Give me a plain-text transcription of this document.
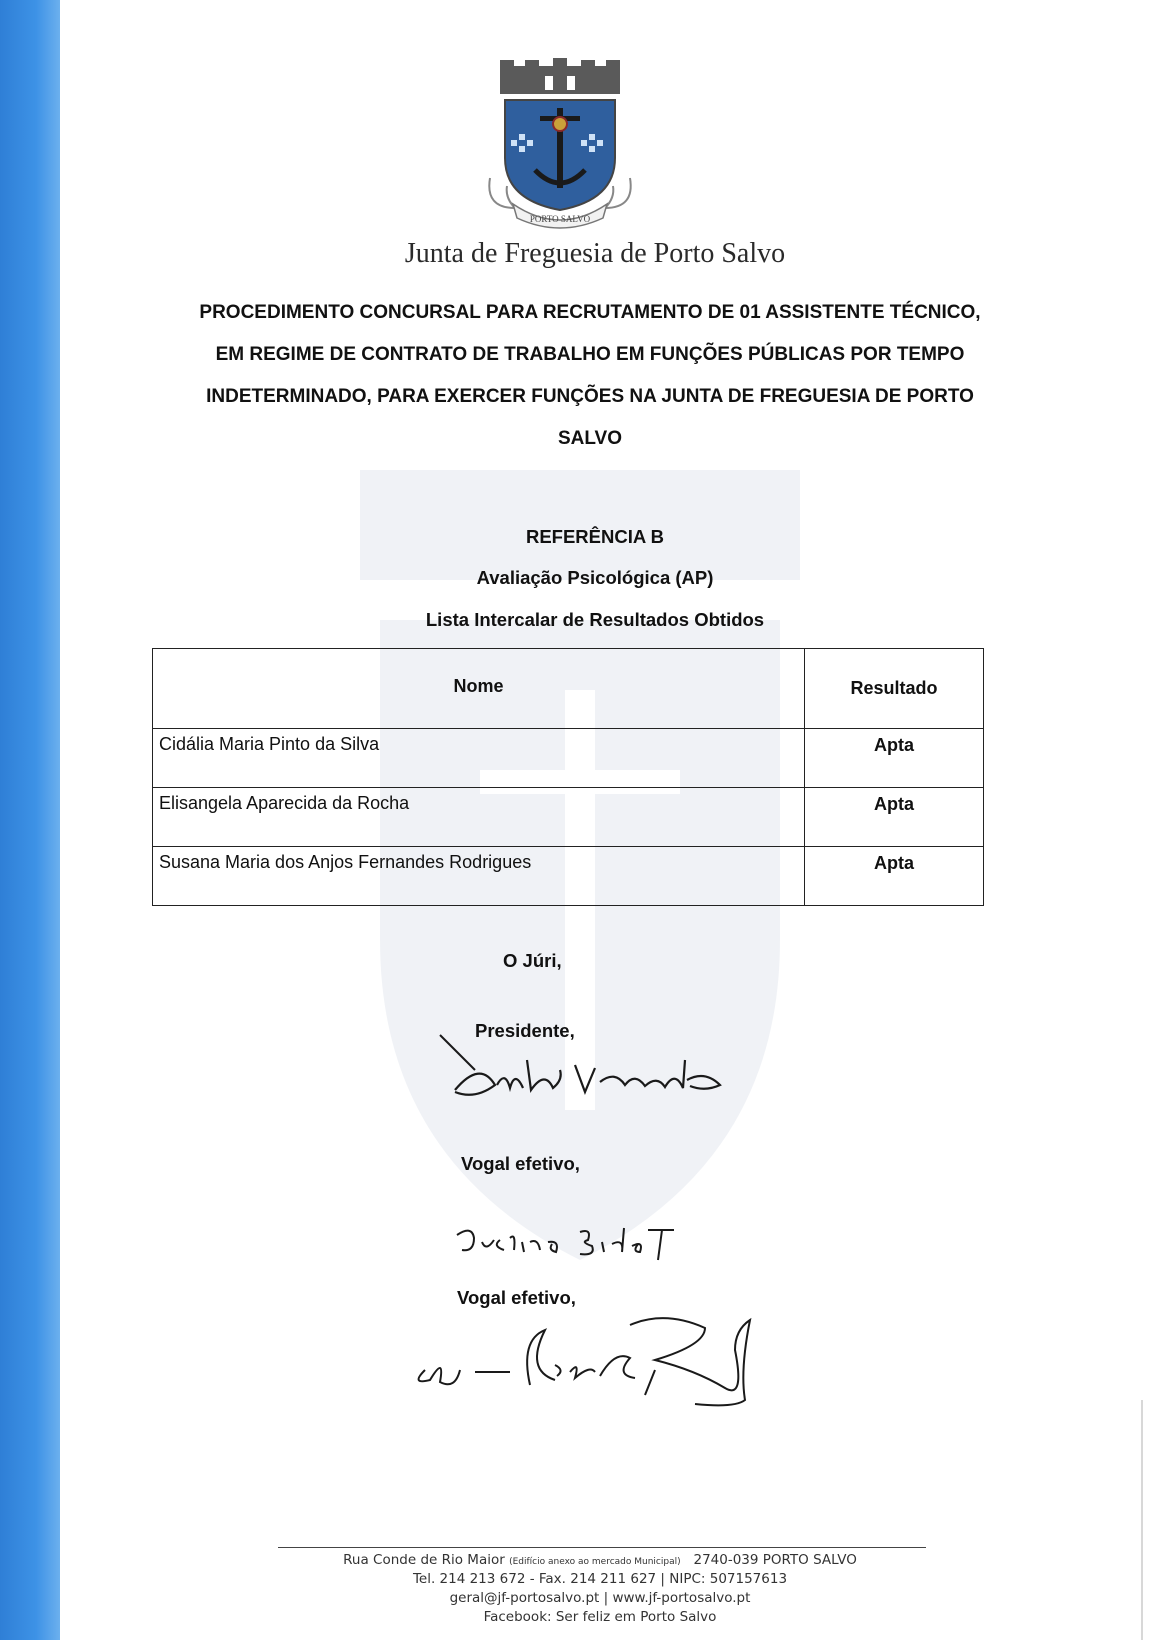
PORTO SALVO
Junta de Freguesia de Porto Salvo
PROCEDIMENTO CONCURSAL PARA RECRUTAMENTO DE 01 ASSISTENTE TÉCNICO,
EM REGIME DE CONTRATO DE TRABALHO EM FUNÇÕES PÚBLICAS POR TEMPO
INDETERMINADO, PARA EXERCER FUNÇÕES NA JUNTA DE FREGUESIA DE PORTO
SALVO
REFERÊNCIA B
Avaliação Psicológica (AP)
Lista Intercalar de Resultados Obtidos
Nome	Resultado
Cidália Maria Pinto da Silva	Apta
Elisangela Aparecida da Rocha	Apta
Susana Maria dos Anjos Fernandes Rodrigues	Apta
O Júri,
Presidente,
Vogal efetivo,
Vogal efetivo,
Rua Conde de Rio Maior (Edifício anexo ao mercado Municipal) 2740-039 PORTO SALVO
Tel. 214 213 672 - Fax. 214 211 627 | NIPC: 507157613
geral@jf-portosalvo.pt | www.jf-portosalvo.pt
Facebook: Ser feliz em Porto Salvo
